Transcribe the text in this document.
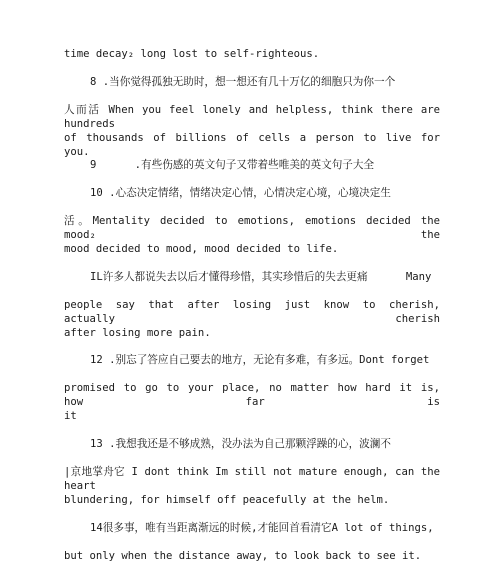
time decay₂ long lost to self-righteous.
8 .当你觉得孤独无助时，想一想还有几十万亿的细胞只为你一个
人而活 When you feel lonely and helpless, think there are hundreds
of thousands of billions of cells a person to live for you.
9      .有些伤感的英文句子又带着些唯美的英文句子大全
10 .心态决定情绪，情绪决定心情，心情决定心境，心境决定生
活。Mentality decided to emotions, emotions decided the mood₂ the
mood decided to mood, mood decided to life.
IL许多人都说失去以后才懂得珍惜，其实珍惜后的失去更痛      Many
people say that after losing just know to cherish, actually cherish
after losing more pain.
12 .别忘了答应自己要去的地方，无论有多难，有多远。Dont forget
promised to go to your place, no matter how hard it is, how far is
it
13 .我想我还是不够成熟，没办法为自己那颗浮躁的心，波澜不
|京地掌舟它 I dont think Im still not mature enough, can the heart
blundering, for himself off peacefully at the helm.
14很多事，唯有当距离渐远的时候,才能回首看清它A lot of things,
but only when the distance away, to look back to see it.
